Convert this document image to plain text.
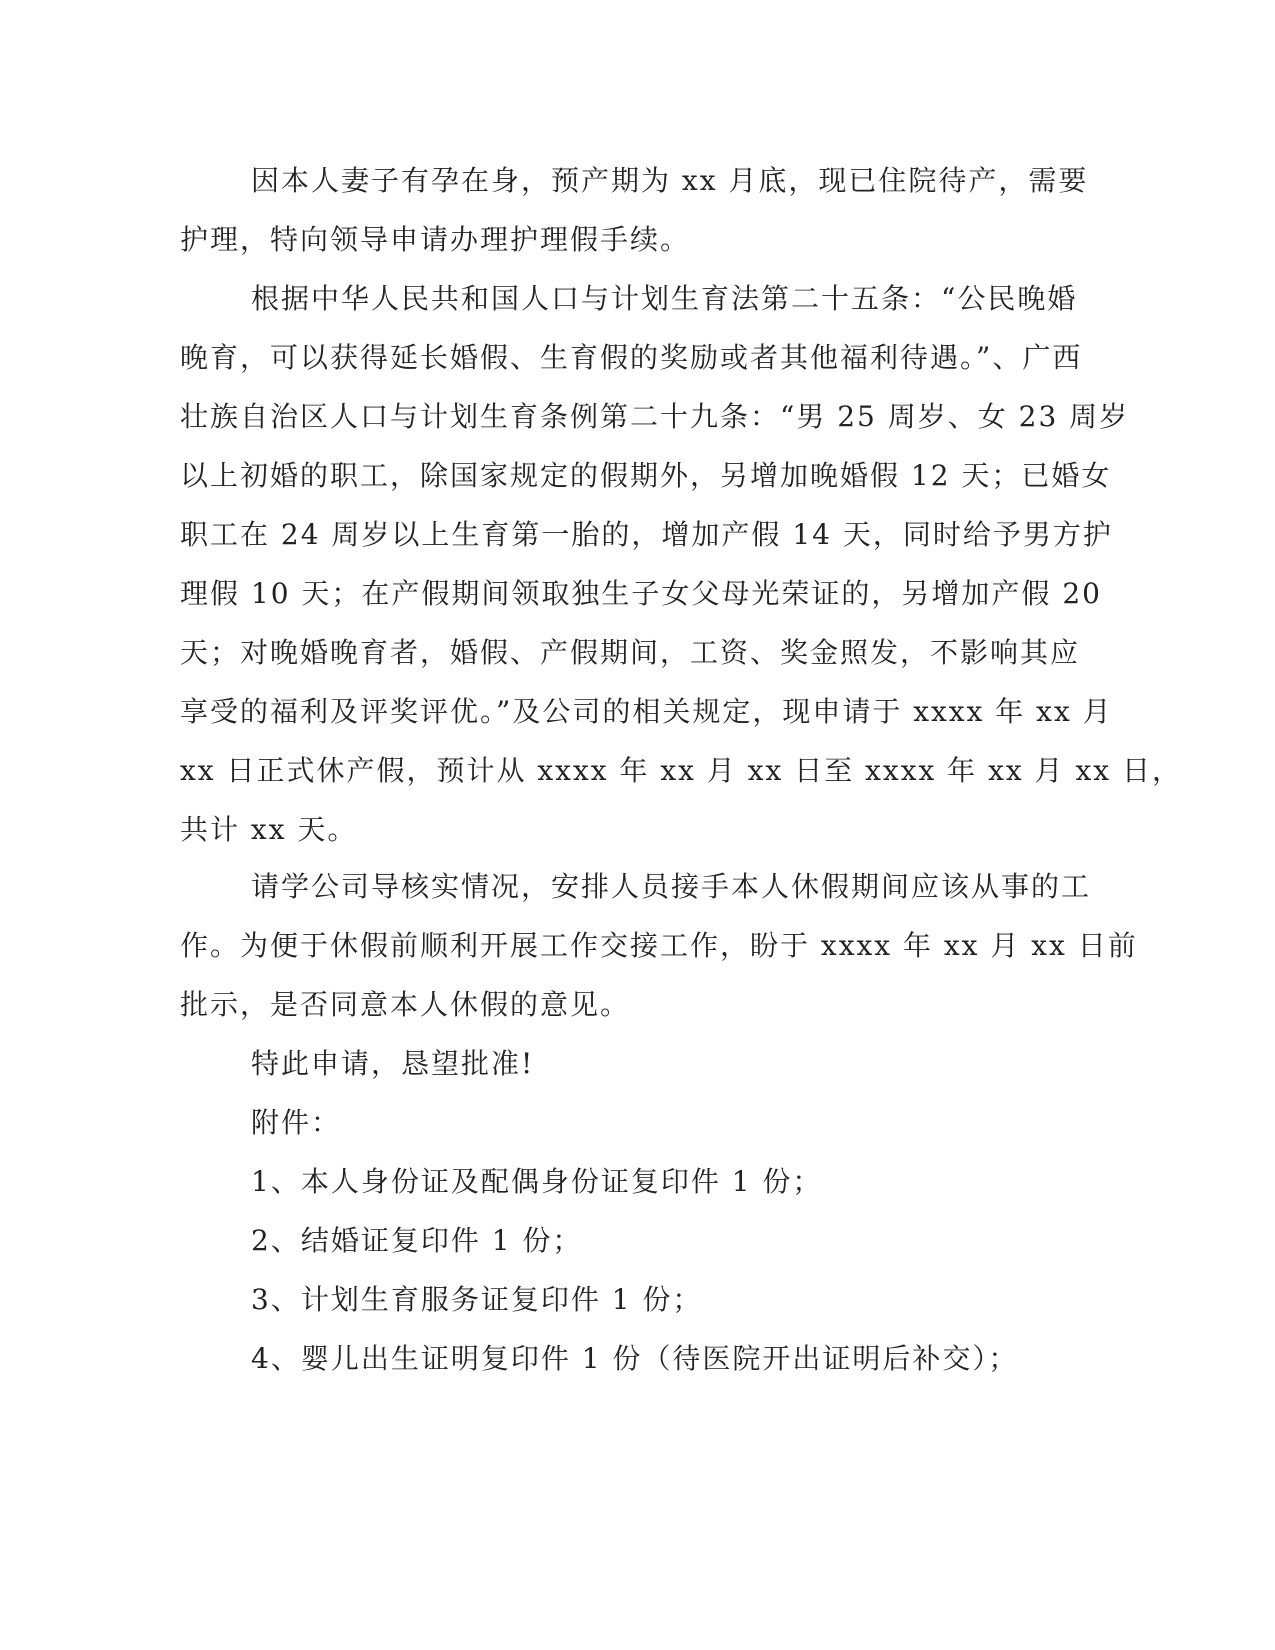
因本人妻子有孕在身，预产期为 xx 月底，现已住院待产，需要
护理，特向领导申请办理护理假手续。
根据中华人民共和国人口与计划生育法第二十五条：“公民晚婚
晚育，可以获得延长婚假、生育假的奖励或者其他福利待遇。”、广西
壮族自治区人口与计划生育条例第二十九条：“男 25 周岁、女 23 周岁
以上初婚的职工，除国家规定的假期外，另增加晚婚假 12 天；已婚女
职工在 24 周岁以上生育第一胎的，增加产假 14 天，同时给予男方护
理假 10 天；在产假期间领取独生子女父母光荣证的，另增加产假 20
天；对晚婚晚育者，婚假、产假期间，工资、奖金照发，不影响其应
享受的福利及评奖评优。”及公司的相关规定，现申请于 xxxx 年 xx 月
xx 日正式休产假，预计从 xxxx 年 xx 月 xx 日至 xxxx 年 xx 月 xx 日，
共计 xx 天。
请学公司导核实情况，安排人员接手本人休假期间应该从事的工
作。为便于休假前顺利开展工作交接工作，盼于 xxxx 年 xx 月 xx 日前
批示，是否同意本人休假的意见。
特此申请，恳望批准!
附件：
1、本人身份证及配偶身份证复印件 1 份；
2、结婚证复印件 1 份；
3、计划生育服务证复印件 1 份；
4、婴儿出生证明复印件 1 份（待医院开出证明后补交）；
